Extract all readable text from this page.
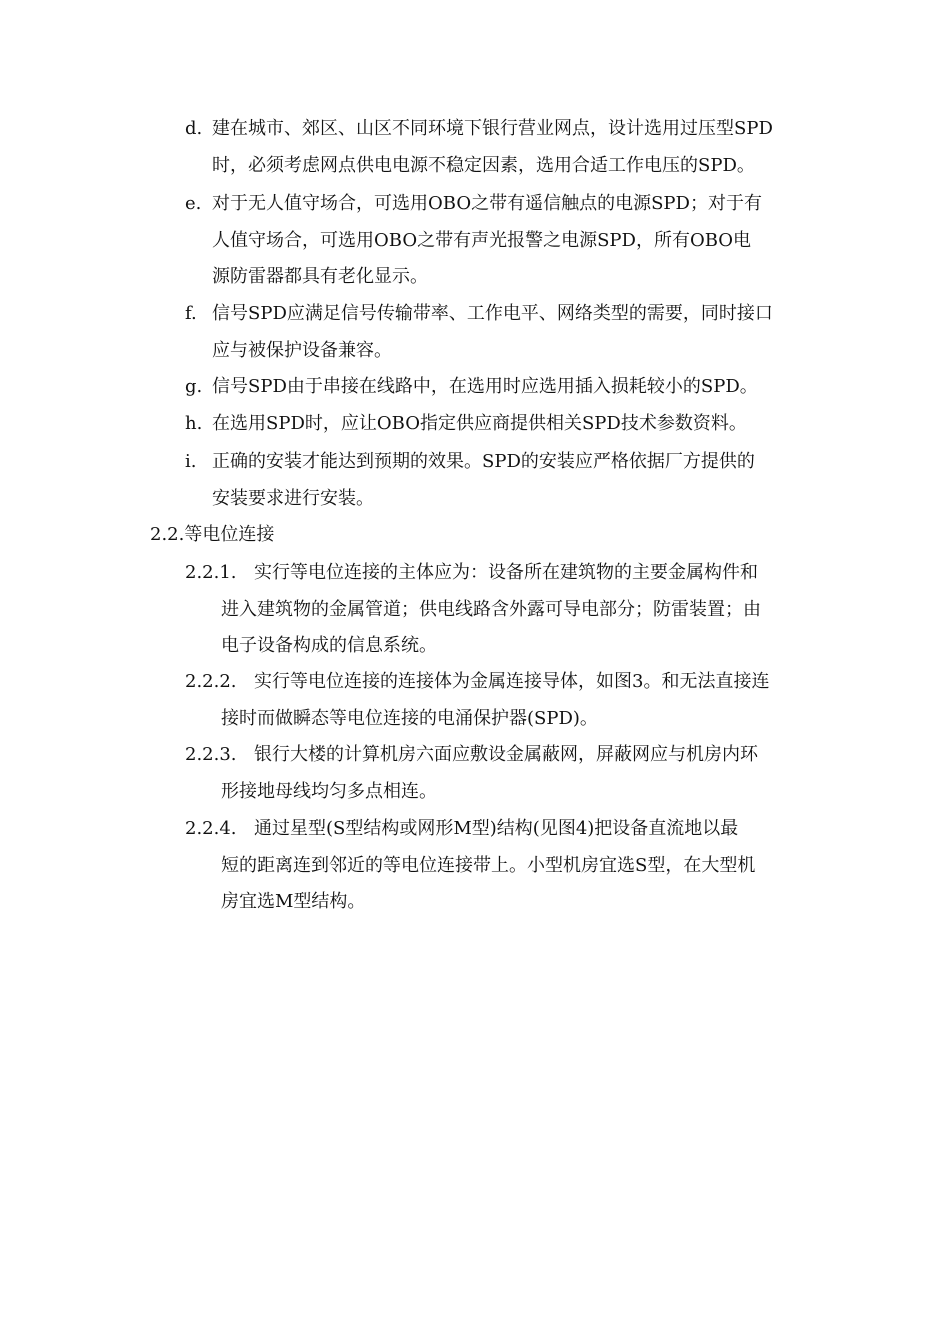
d. 建在城市、郊区、山区不同环境下银行营业网点，设计选用过压型SPD
时，必须考虑网点供电电源不稳定因素，选用合适工作电压的SPD。
e. 对于无人值守场合，可选用OBO之带有遥信触点的电源SPD；对于有
人值守场合，可选用OBO之带有声光报警之电源SPD，所有OBO电
源防雷器都具有老化显示。
f. 信号SPD应满足信号传输带率、工作电平、网络类型的需要，同时接口
应与被保护设备兼容。
g. 信号SPD由于串接在线路中，在选用时应选用插入损耗较小的SPD。
h. 在选用SPD时，应让OBO指定供应商提供相关SPD技术参数资料。
i. 正确的安装才能达到预期的效果。SPD的安装应严格依据厂方提供的
安装要求进行安装。
2.2.等电位连接
2.2.1. 实行等电位连接的主体应为：设备所在建筑物的主要金属构件和
进入建筑物的金属管道；供电线路含外露可导电部分；防雷装置；由
电子设备构成的信息系统。
2.2.2. 实行等电位连接的连接体为金属连接导体，如图3。和无法直接连
接时而做瞬态等电位连接的电涌保护器(SPD)。
2.2.3. 银行大楼的计算机房六面应敷设金属蔽网，屏蔽网应与机房内环
形接地母线均匀多点相连。
2.2.4. 通过星型(S型结构或网形M型)结构(见图4)把设备直流地以最
短的距离连到邻近的等电位连接带上。小型机房宜选S型，在大型机
房宜选M型结构。
